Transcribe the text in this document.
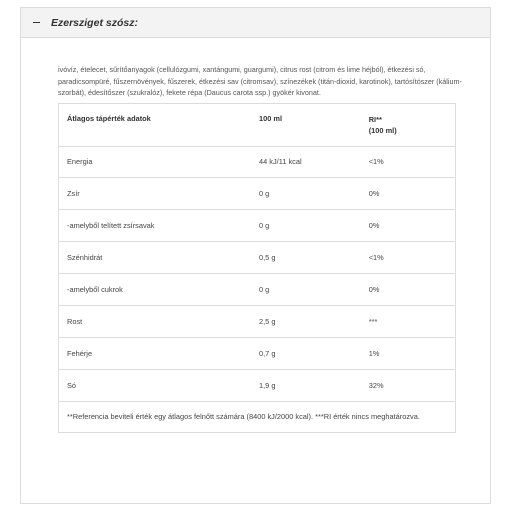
Ezersziget szósz:

ivóvíz, ételecet, sűrítőanyagok (cellulózgumi, xantángumi, guargumi), citrus rost (citrom és lime héjból), étkezési só, paradicsompüré, fűszernövények, fűszerek, étkezési sav (citromsav), színezékek (titán-dioxid, karotinok), tartósítószer (kálium-szorbát), édesítőszer (szukralóz), fekete répa (Daucus carota ssp.) gyökér kivonat.

Átlagos tápérték adatok	100 ml	RI**
(100 ml)

Energia	44 kJ/11 kcal	<1%
Zsír	0 g	0%
-amelyből telített zsírsavak	0 g	0%
Szénhidrát	0,5 g	<1%
-amelyből cukrok	0 g	0%
Rost	2,5 g	***
Fehérje	0,7 g	1%
Só	1,9 g	32%
**Referencia beviteli érték egy átlagos felnőtt számára (8400 kJ/2000 kcal). ***RI érték nincs meghatározva.		
